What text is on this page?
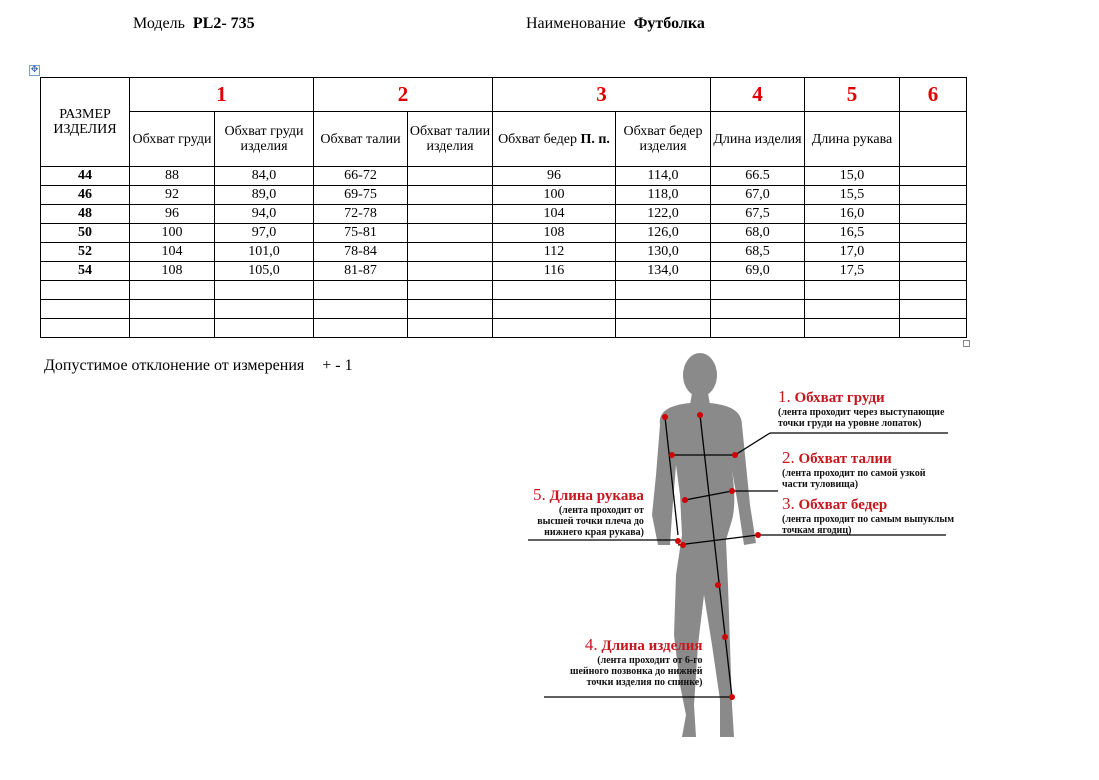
Модель PL2- 735	Наименование Футболка
✥
РАЗМЕР ИЗДЕЛИЯ	1		2		3		4	5	6
	Обхват груди	Обхват груди изделия	Обхват талии	Обхват талии изделия	Обхват бедер П. п.	Обхват бедер изделия	Длина изделия	Длина рукава	
44	88	84,0	66-72		96	114,0	66.5	15,0	
46	92	89,0	69-75		100	118,0	67,0	15,5	
48	96	94,0	72-78		104	122,0	67,5	16,0	
50	100	97,0	75-81		108	126,0	68,0	16,5	
52	104	101,0	78-84		112	130,0	68,5	17,0	
54	108	105,0	81-87		116	134,0	69,0	17,5	

Допустимое отклонение от измерения + - 1
1. Обхват груди
(лента проходит через выступающие
точки груди на уровне лопаток)
2. Обхват талии
(лента проходит по самой узкой
части туловища)
3. Обхват бедер
(лента проходит по самым выпуклым
точкам ягодиц)
4. Длина изделия
(лента проходит от 6-го
шейного позвонка до нижней
точки изделия по спинке)
5. Длина рукава
(лента проходит от
высшей точки плеча до
нижнего края рукава)
